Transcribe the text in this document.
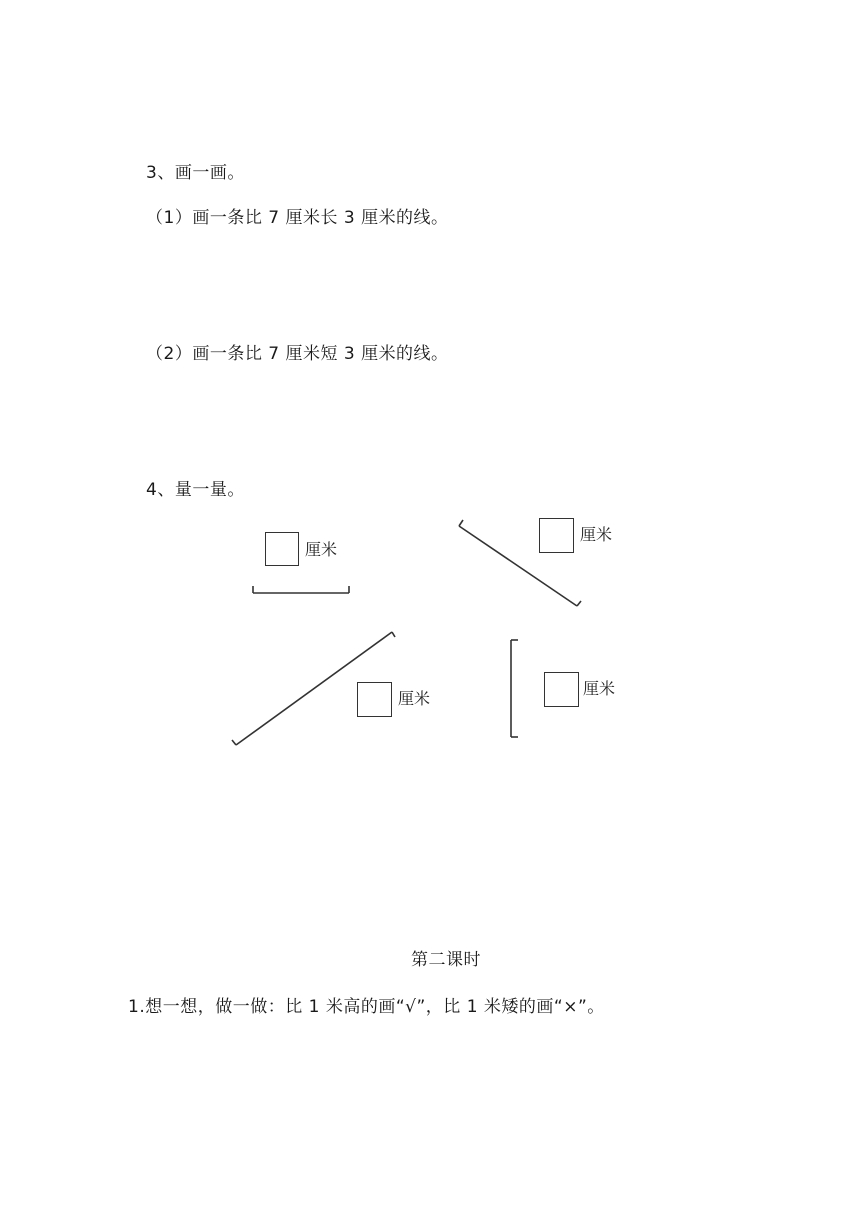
3、画一画。
（1）画一条比 7 厘米长 3 厘米的线。
（2）画一条比 7 厘米短 3 厘米的线。
4、量一量。
厘米
厘米
厘米
厘米
第二课时
1.想一想，做一做：比 1 米高的画“√”，比 1 米矮的画“×”。
